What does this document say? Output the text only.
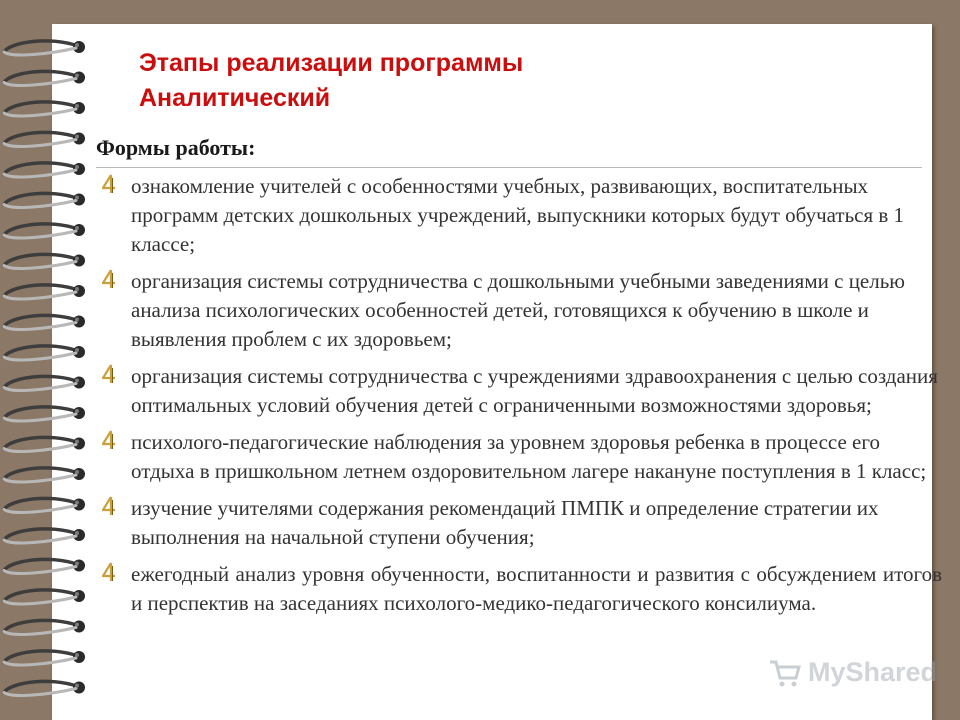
Этапы реализации программы
Аналитический

Формы работы:

ознакомление учителей с особенностями учебных, развивающих, воспитательных программ детских дошкольных учреждений, выпускники которых будут обучаться в 1 классе;
организация системы сотрудничества с дошкольными учебными заведениями с целью анализа психологических особенностей детей, готовящихся к обучению в школе и выявления проблем с их здоровьем;
организация системы сотрудничества с учреждениями здравоохранения с целью создания оптимальных условий обучения детей с ограниченными возможностями здоровья;
психолого-педагогические наблюдения за уровнем здоровья ребенка в процессе его отдыха в пришкольном летнем оздоровительном лагере накануне поступления в 1 класс;
изучение учителями содержания рекомендаций ПМПК и определение стратегии их выполнения на начальной ступени обучения;
ежегодный анализ уровня обученности, воспитанности и развития с обсуждением итогов и перспектив на заседаниях психолого-медико-педагогического консилиума.
MyShared
